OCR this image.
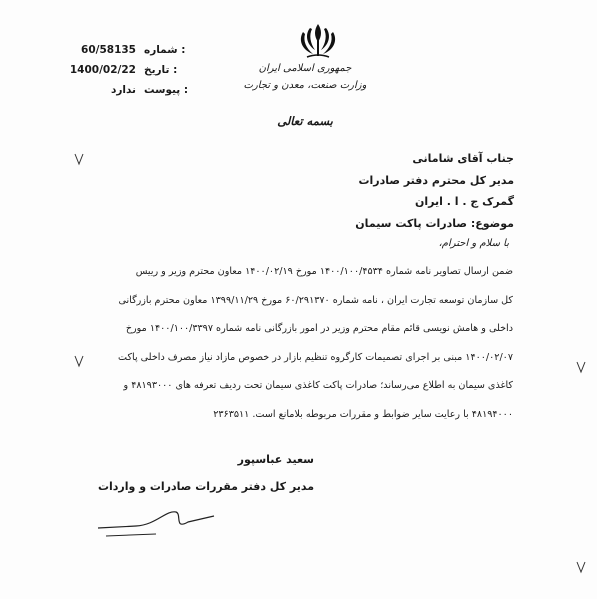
60/58135 شماره :
1400/02/22 تاریخ :
ندارد پیوست :
جمهوری اسلامی ایران
وزارت صنعت، معدن و تجارت
بسمه تعالی
جناب آقای شامانی
مدیر کل محترم دفتر صادرات
گمرک ج . ا . ایران
موضوع: صادرات پاکت سیمان
با سلام و احترام،
ضمن ارسال تصاویر نامه شماره ۱۴۰۰/۱۰۰/۴۵۳۴ مورخ ۱۴۰۰/۰۲/۱۹ معاون محترم وزیر و رییس
کل سازمان توسعه تجارت ایران ، نامه شماره ۶۰/۲۹۱۳۷۰ مورخ ۱۳۹۹/۱۱/۲۹ معاون محترم بازرگانی
داخلی و هامش نویسی قائم مقام محترم وزیر در امور بازرگانی نامه شماره ۱۴۰۰/۱۰۰/۳۳۹۷ مورخ
۱۴۰۰/۰۲/۰۷ مبنی بر اجرای تصمیمات کارگروه تنظیم بازار در خصوص مازاد نیاز مصرف داخلی پاکت
کاغذی سیمان به اطلاع می‌رساند؛ صادرات پاکت کاغذی سیمان تحت ردیف تعرفه های ۴۸۱۹۳۰۰۰ و
۴۸۱۹۴۰۰۰ با رعایت سایر ضوابط و مقررات مربوطه بلامانع است. ۲۳۶۳۵۱۱
سعید عباسپور
مدیر کل دفتر مقررات صادرات و واردات
